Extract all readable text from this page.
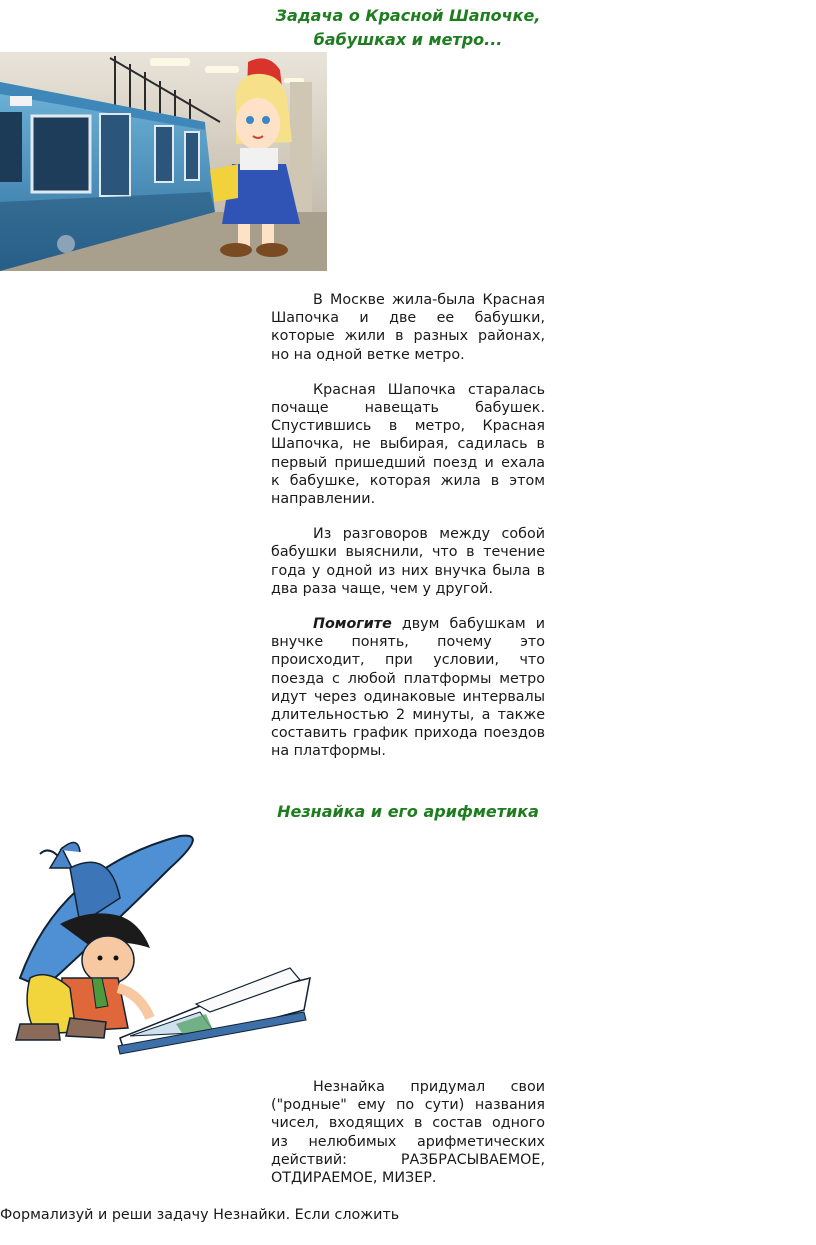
Задача о Красной Шапочке,
бабушках и метро...

В Москве жила-была Красная Шапочка и две ее бабушки, которые жили в разных районах, но на одной ветке метро.

Красная Шапочка старалась почаще навещать бабушек. Спустившись в метро, Красная Шапочка, не выбирая, садилась в первый пришедший поезд и ехала к бабушке, которая жила в этом направлении.

Из разговоров между собой бабушки выяснили, что в течение года у одной из них внучка была в два раза чаще, чем у другой.

Помогите двум бабушкам и внучке понять, почему это происходит, при условии, что поезда с любой платформы метро идут через одинаковые интервалы длительностью 2 минуты, а также составить график прихода поездов на платформы.

Незнайка и его арифметика

Незнайка придумал свои ("родные" ему по сути) названия чисел, входящих в состав одного из нелюбимых арифметических действий: РАЗБРАСЫВАЕМОЕ, ОТДИРАЕМОЕ, МИЗЕР.

Формализуй и реши задачу Незнайки. Если сложить
